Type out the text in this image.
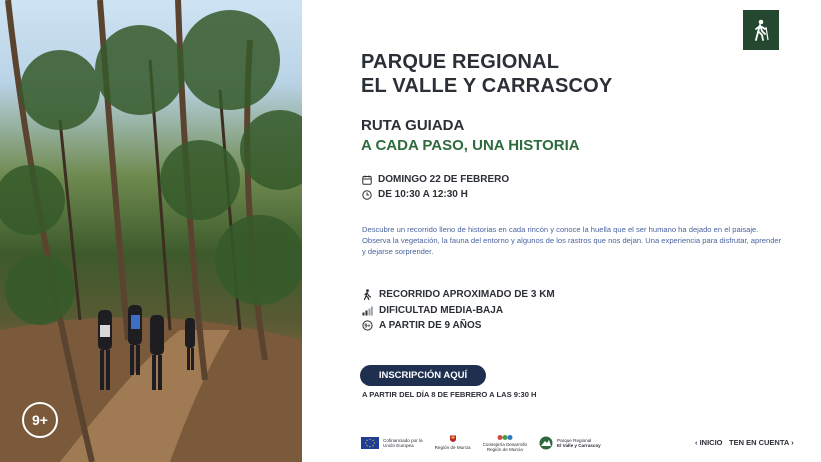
9+
PARQUE REGIONAL
EL VALLE Y CARRASCOY
RUTA GUIADA
A CADA PASO, UNA HISTORIA
DOMINGO 22 DE FEBRERO
DE 10:30 A 12:30 H
Descubre un recorrido lleno de historias en cada rincón y conoce la huella que el ser humano ha dejado en el paisaje. Observa la vegetación, la fauna del entorno y algunos de los rastros que nos dejan. Una experiencia para disfrutar, aprender y dejarse sorprender.
RECORRIDO APROXIMADO DE 3 KM
DIFICULTAD MEDIA-BAJA
9+ A PARTIR DE 9 AÑOS
INSCRIPCIÓN AQUÍ
A PARTIR DEL DÍA 8 DE FEBRERO A LAS 9:30 H
Cofinanciado por la
Unión Europea	Región de Murcia
Consejería Desarrollo
Región de Murcia
Parque Regional
El Valle y Carrascoy	‹ INICIO TEN EN CUENTA ›
